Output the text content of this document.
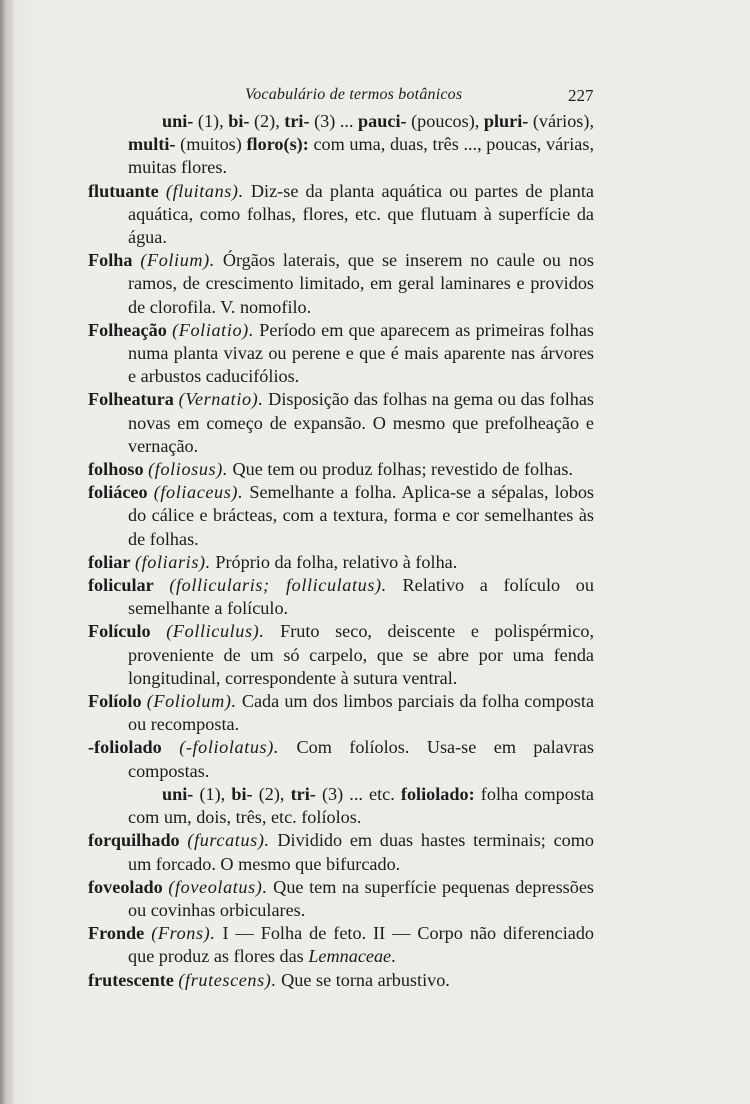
Vocabulário de termos botânicos	227

uni- (1), bi- (2), tri- (3) ... pauci- (poucos), pluri- (vários), multi- (muitos) floro(s): com uma, duas, três ..., poucas, várias, muitas flores.

flutuante (fluitans). Diz-se da planta aquática ou partes de planta aquática, como folhas, flores, etc. que flutuam à superfície da água.

Folha (Folium). Órgãos laterais, que se inserem no caule ou nos ramos, de crescimento limitado, em geral laminares e providos de clorofila. V. nomofilo.

Folheação (Foliatio). Período em que aparecem as primeiras folhas numa planta vivaz ou perene e que é mais aparente nas árvores e arbustos caducifólios.

Folheatura (Vernatio). Disposição das folhas na gema ou das folhas novas em começo de expansão. O mesmo que prefolheação e vernação.

folhoso (foliosus). Que tem ou produz folhas; revestido de folhas.

foliáceo (foliaceus). Semelhante a folha. Aplica-se a sépalas, lobos do cálice e brácteas, com a textura, forma e cor semelhantes às de folhas.

foliar (foliaris). Próprio da folha, relativo à folha.

folicular (follicularis; folliculatus). Relativo a folículo ou semelhante a folículo.

Folículo (Folliculus). Fruto seco, deiscente e polispérmico, proveniente de um só carpelo, que se abre por uma fenda longitudinal, correspondente à sutura ventral.

Folíolo (Foliolum). Cada um dos limbos parciais da folha composta ou recomposta.

-foliolado (-foliolatus). Com folíolos. Usa-se em palavras compostas.

uni- (1), bi- (2), tri- (3) ... etc. foliolado: folha composta com um, dois, três, etc. folíolos.

forquilhado (furcatus). Dividido em duas hastes terminais; como um forcado. O mesmo que bifurcado.

foveolado (foveolatus). Que tem na superfície pequenas depressões ou covinhas orbiculares.

Fronde (Frons). I — Folha de feto. II — Corpo não diferenciado que produz as flores das Lemnaceae.

frutescente (frutescens). Que se torna arbustivo.
